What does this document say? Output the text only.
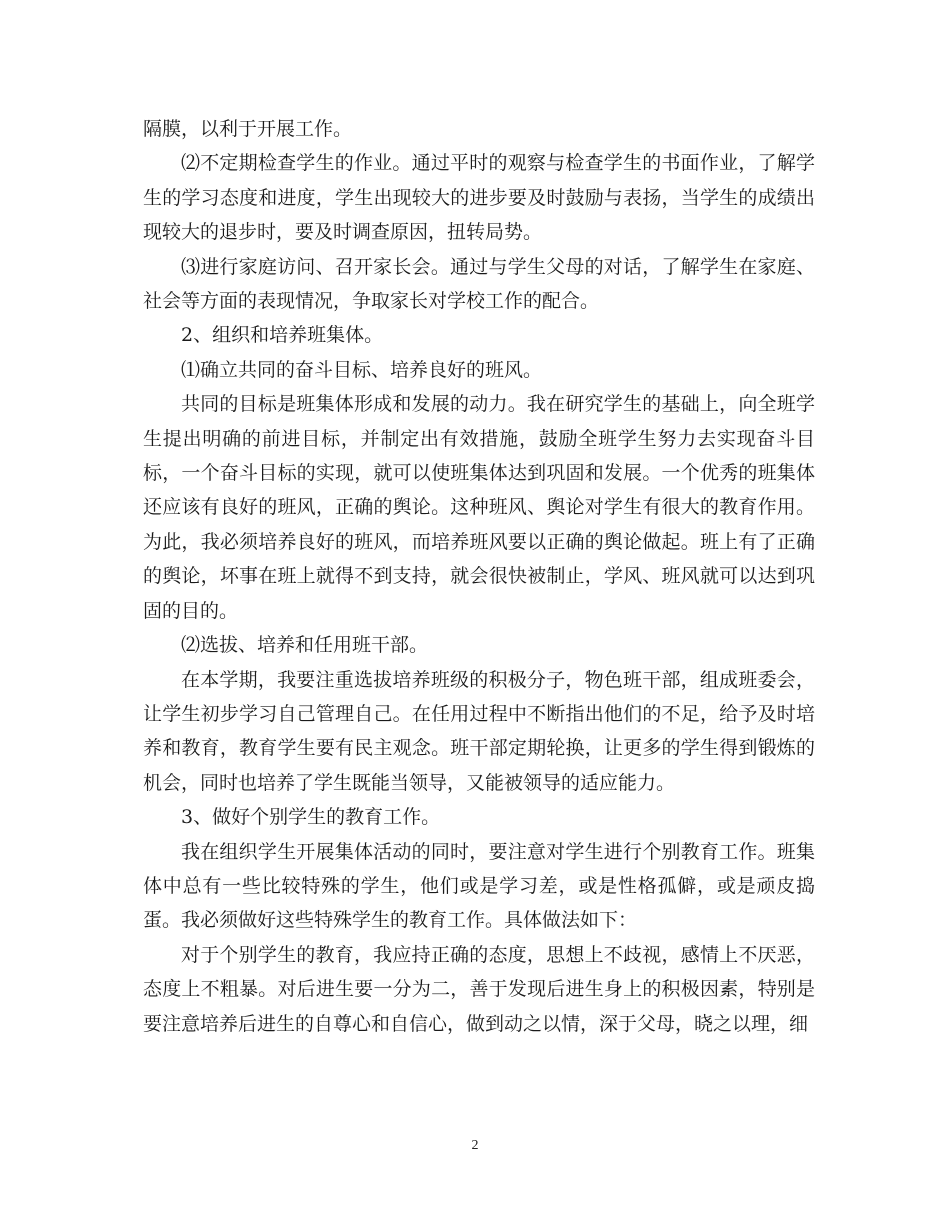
隔膜，以利于开展工作。

⑵不定期检查学生的作业。通过平时的观察与检查学生的书面作业，了解学生的学习态度和进度，学生出现较大的进步要及时鼓励与表扬，当学生的成绩出现较大的退步时，要及时调查原因，扭转局势。

⑶进行家庭访问、召开家长会。通过与学生父母的对话，了解学生在家庭、社会等方面的表现情况，争取家长对学校工作的配合。

2、组织和培养班集体。

⑴确立共同的奋斗目标、培养良好的班风。

共同的目标是班集体形成和发展的动力。我在研究学生的基础上，向全班学生提出明确的前进目标，并制定出有效措施，鼓励全班学生努力去实现奋斗目标，一个奋斗目标的实现，就可以使班集体达到巩固和发展。一个优秀的班集体还应该有良好的班风，正确的舆论。这种班风、舆论对学生有很大的教育作用。为此，我必须培养良好的班风，而培养班风要以正确的舆论做起。班上有了正确的舆论，坏事在班上就得不到支持，就会很快被制止，学风、班风就可以达到巩固的目的。

⑵选拔、培养和任用班干部。

在本学期，我要注重选拔培养班级的积极分子，物色班干部，组成班委会，让学生初步学习自己管理自己。在任用过程中不断指出他们的不足，给予及时培养和教育，教育学生要有民主观念。班干部定期轮换，让更多的学生得到锻炼的机会，同时也培养了学生既能当领导，又能被领导的适应能力。

3、做好个别学生的教育工作。

我在组织学生开展集体活动的同时，要注意对学生进行个别教育工作。班集体中总有一些比较特殊的学生，他们或是学习差，或是性格孤僻，或是顽皮捣蛋。我必须做好这些特殊学生的教育工作。具体做法如下：

对于个别学生的教育，我应持正确的态度，思想上不歧视，感情上不厌恶，态度上不粗暴。对后进生要一分为二，善于发现后进生身上的积极因素，特别是要注意培养后进生的自尊心和自信心，做到动之以情，深于父母，晓之以理，细

2
